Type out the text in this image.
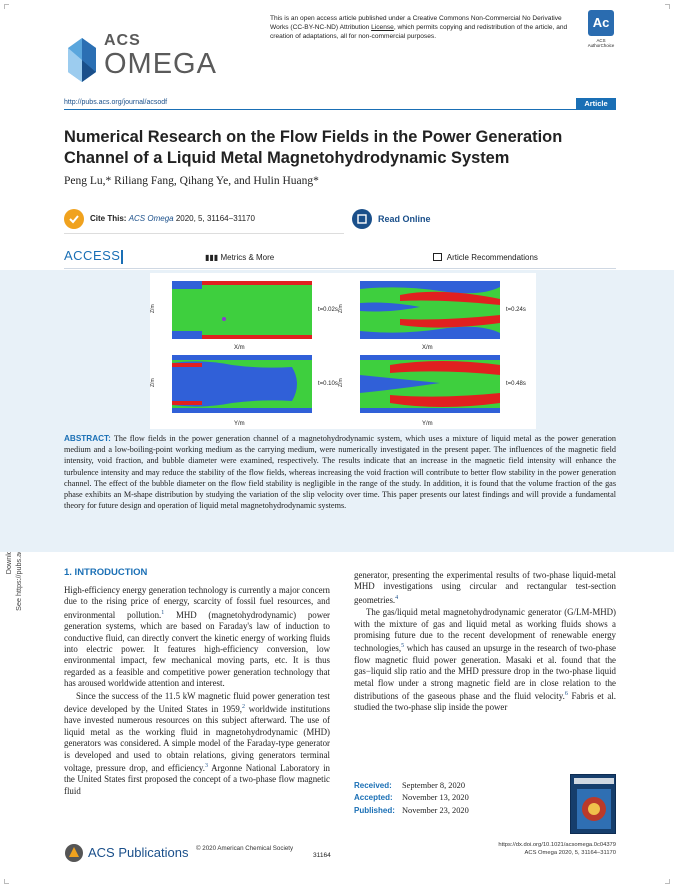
ACS
OMEGA
This is an open access article published under a Creative Commons Non-Commercial No Derivative Works (CC-BY-NC-ND) Attribution License, which permits copying and redistribution of the article, and creation of adaptations, all for non-commercial purposes.
Ac
ACS AuthorChoice
http://pubs.acs.org/journal/acsodf	Article
Numerical Research on the Flow Fields in the Power Generation Channel of a Liquid Metal Magnetohydrodynamic System
Peng Lu,* Riliang Fang, Qihang Ye, and Hulin Huang*
Cite This: ACS Omega 2020, 5, 31164−31170	Read Online
ACCESS	▮▮▮ Metrics & More	Article Recommendations
t=0.02s	t=0.24s
t=0.10s	t=0.48s
X/m	X/m
Y/m	Y/m
Z/m	Z/m
Z/m	Z/m

ABSTRACT: The flow fields in the power generation channel of a magnetohydrodynamic system, which uses a mixture of liquid metal as the power generation medium and a low-boiling-point working medium as the carrying medium, were numerically investigated in the present paper. The influences of the magnetic field intensity, void fraction, and bubble diameter were examined, respectively. The results indicate that an increase in the magnetic field intensity will enhance the turbulence intensity and may reduce the stability of the flow fields, whereas increasing the void fraction will contribute to better flow stability in the power generation channel. The effect of the bubble diameter on the flow field stability is negligible in the range of the study. In addition, it is found that the volume fraction of the gas phase exhibits an M-shape distribution by studying the variation of the slip velocity over time. This paper presents our latest findings and will provide a fundamental theory for future design and operation of liquid metal magnetohydrodynamic systems.

1. INTRODUCTION

High-efficiency energy generation technology is currently a major concern due to the rising price of energy, scarcity of fossil fuel resources, and environmental pollution.$^1$ MHD (magnetohydrodynamic) power generation systems, which are based on Faraday's law of induction to conductive fluid, can directly convert the kinetic energy of working fluids into electric power. It features high-efficiency conversion, low environmental impact, few mechanical moving parts, etc. It is thus regarded as a feasible and competitive power generation technology that has aroused worldwide attention and interest.

Since the success of the 11.5 kW magnetic fluid power generation test device developed by the United States in 1959,$^2$ worldwide institutions have invested numerous resources on this subject afterward. The use of liquid metal as the working fluid in magnetohydrodynamic (MHD) generators was considered. A simple model of the Faraday-type generator is developed and used to obtain relations, giving generators terminal voltage, pressure drop, and efficiency.$^3$ Argonne National Laboratory in the United States first proposed the concept of a two-phase flow magnetic fluid

generator, presenting the experimental results of two-phase liquid-metal MHD investigations using circular and rectangular test-section geometries.$^4$

The gas/liquid metal magnetohydrodynamic generator (G/LM-MHD) with the mixture of gas and liquid metal as working fluids shows a promising future due to the recent development of renewable energy technologies,$^5$ which has caused an upsurge in the research of two-phase flow magnetic fluid power generation. Masaki et al. found that the gas−liquid slip ratio and the MHD pressure drop in the two-phase liquid metal flow under a strong magnetic field are in close relation to the distributions of the gaseous phase and the fluid velocity.$^6$ Fabris et al. studied the two-phase slip inside the power

Received: September 8, 2020
Accepted: November 13, 2020
Published: November 23, 2020
ACS Publications © 2020 American Chemical Society
31164
https://dx.doi.org/10.1021/acsomega.0c04379
ACS Omega 2020, 5, 31164−31170
